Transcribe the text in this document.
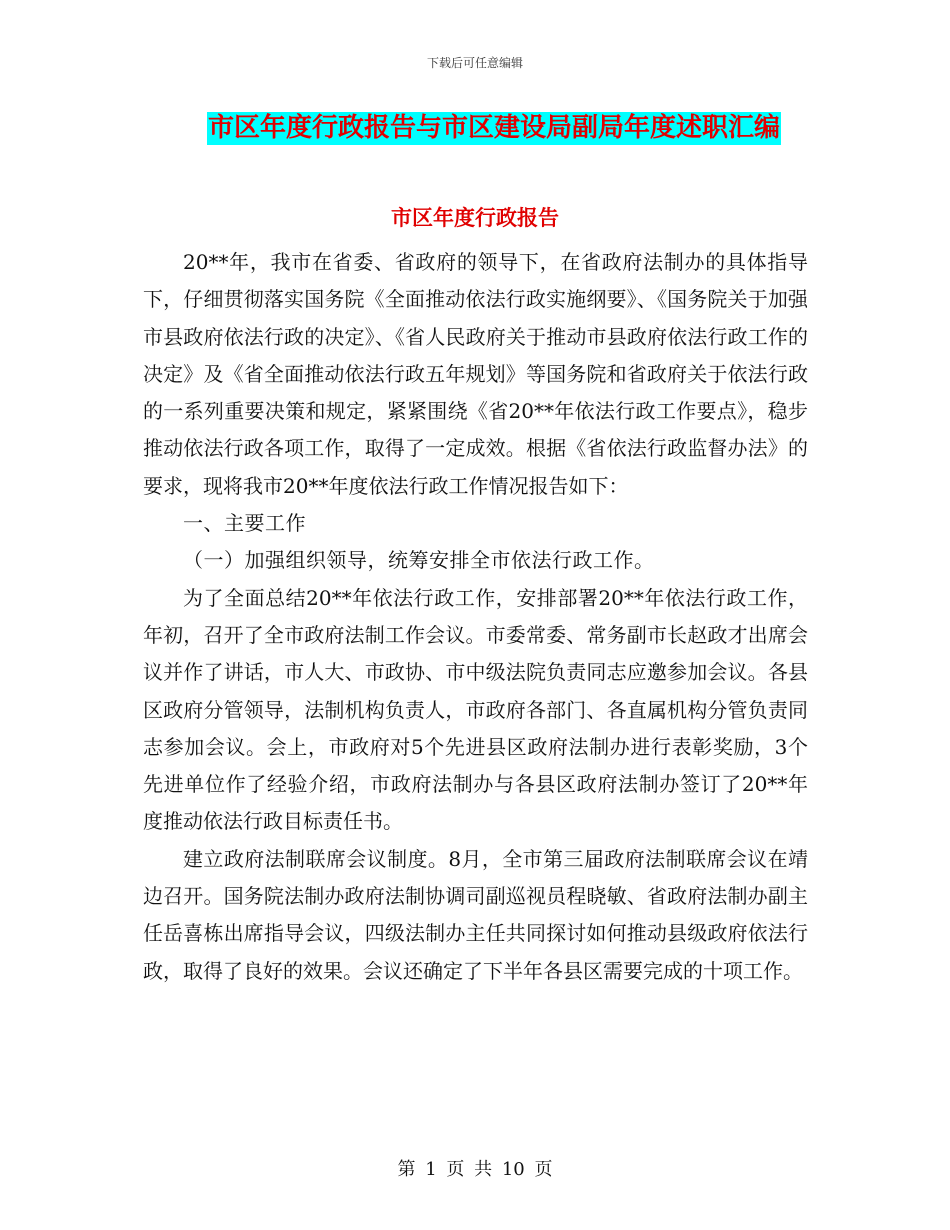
下载后可任意编辑
市区年度行政报告与市区建设局副局年度述职汇编
市区年度行政报告

20**年，我市在省委、省政府的领导下，在省政府法制办的具体指导下，仔细贯彻落实国务院《全面推动依法行政实施纲要》、《国务院关于加强市县政府依法行政的决定》、《省人民政府关于推动市县政府依法行政工作的决定》及《省全面推动依法行政五年规划》等国务院和省政府关于依法行政的一系列重要决策和规定，紧紧围绕《省20**年依法行政工作要点》，稳步推动依法行政各项工作，取得了一定成效。根据《省依法行政监督办法》的要求，现将我市20**年度依法行政工作情况报告如下：

一、主要工作

（一）加强组织领导，统筹安排全市依法行政工作。

为了全面总结20**年依法行政工作，安排部署20**年依法行政工作，年初，召开了全市政府法制工作会议。市委常委、常务副市长赵政才出席会议并作了讲话，市人大、市政协、市中级法院负责同志应邀参加会议。各县区政府分管领导，法制机构负责人，市政府各部门、各直属机构分管负责同志参加会议。会上，市政府对5个先进县区政府法制办进行表彰奖励，3个先进单位作了经验介绍，市政府法制办与各县区政府法制办签订了20**年度推动依法行政目标责任书。

建立政府法制联席会议制度。8月，全市第三届政府法制联席会议在靖边召开。国务院法制办政府法制协调司副巡视员程晓敏、省政府法制办副主任岳喜栋出席指导会议，四级法制办主任共同探讨如何推动县级政府依法行政，取得了良好的效果。会议还确定了下半年各县区需要完成的十项工作。

第 1 页 共 10 页
